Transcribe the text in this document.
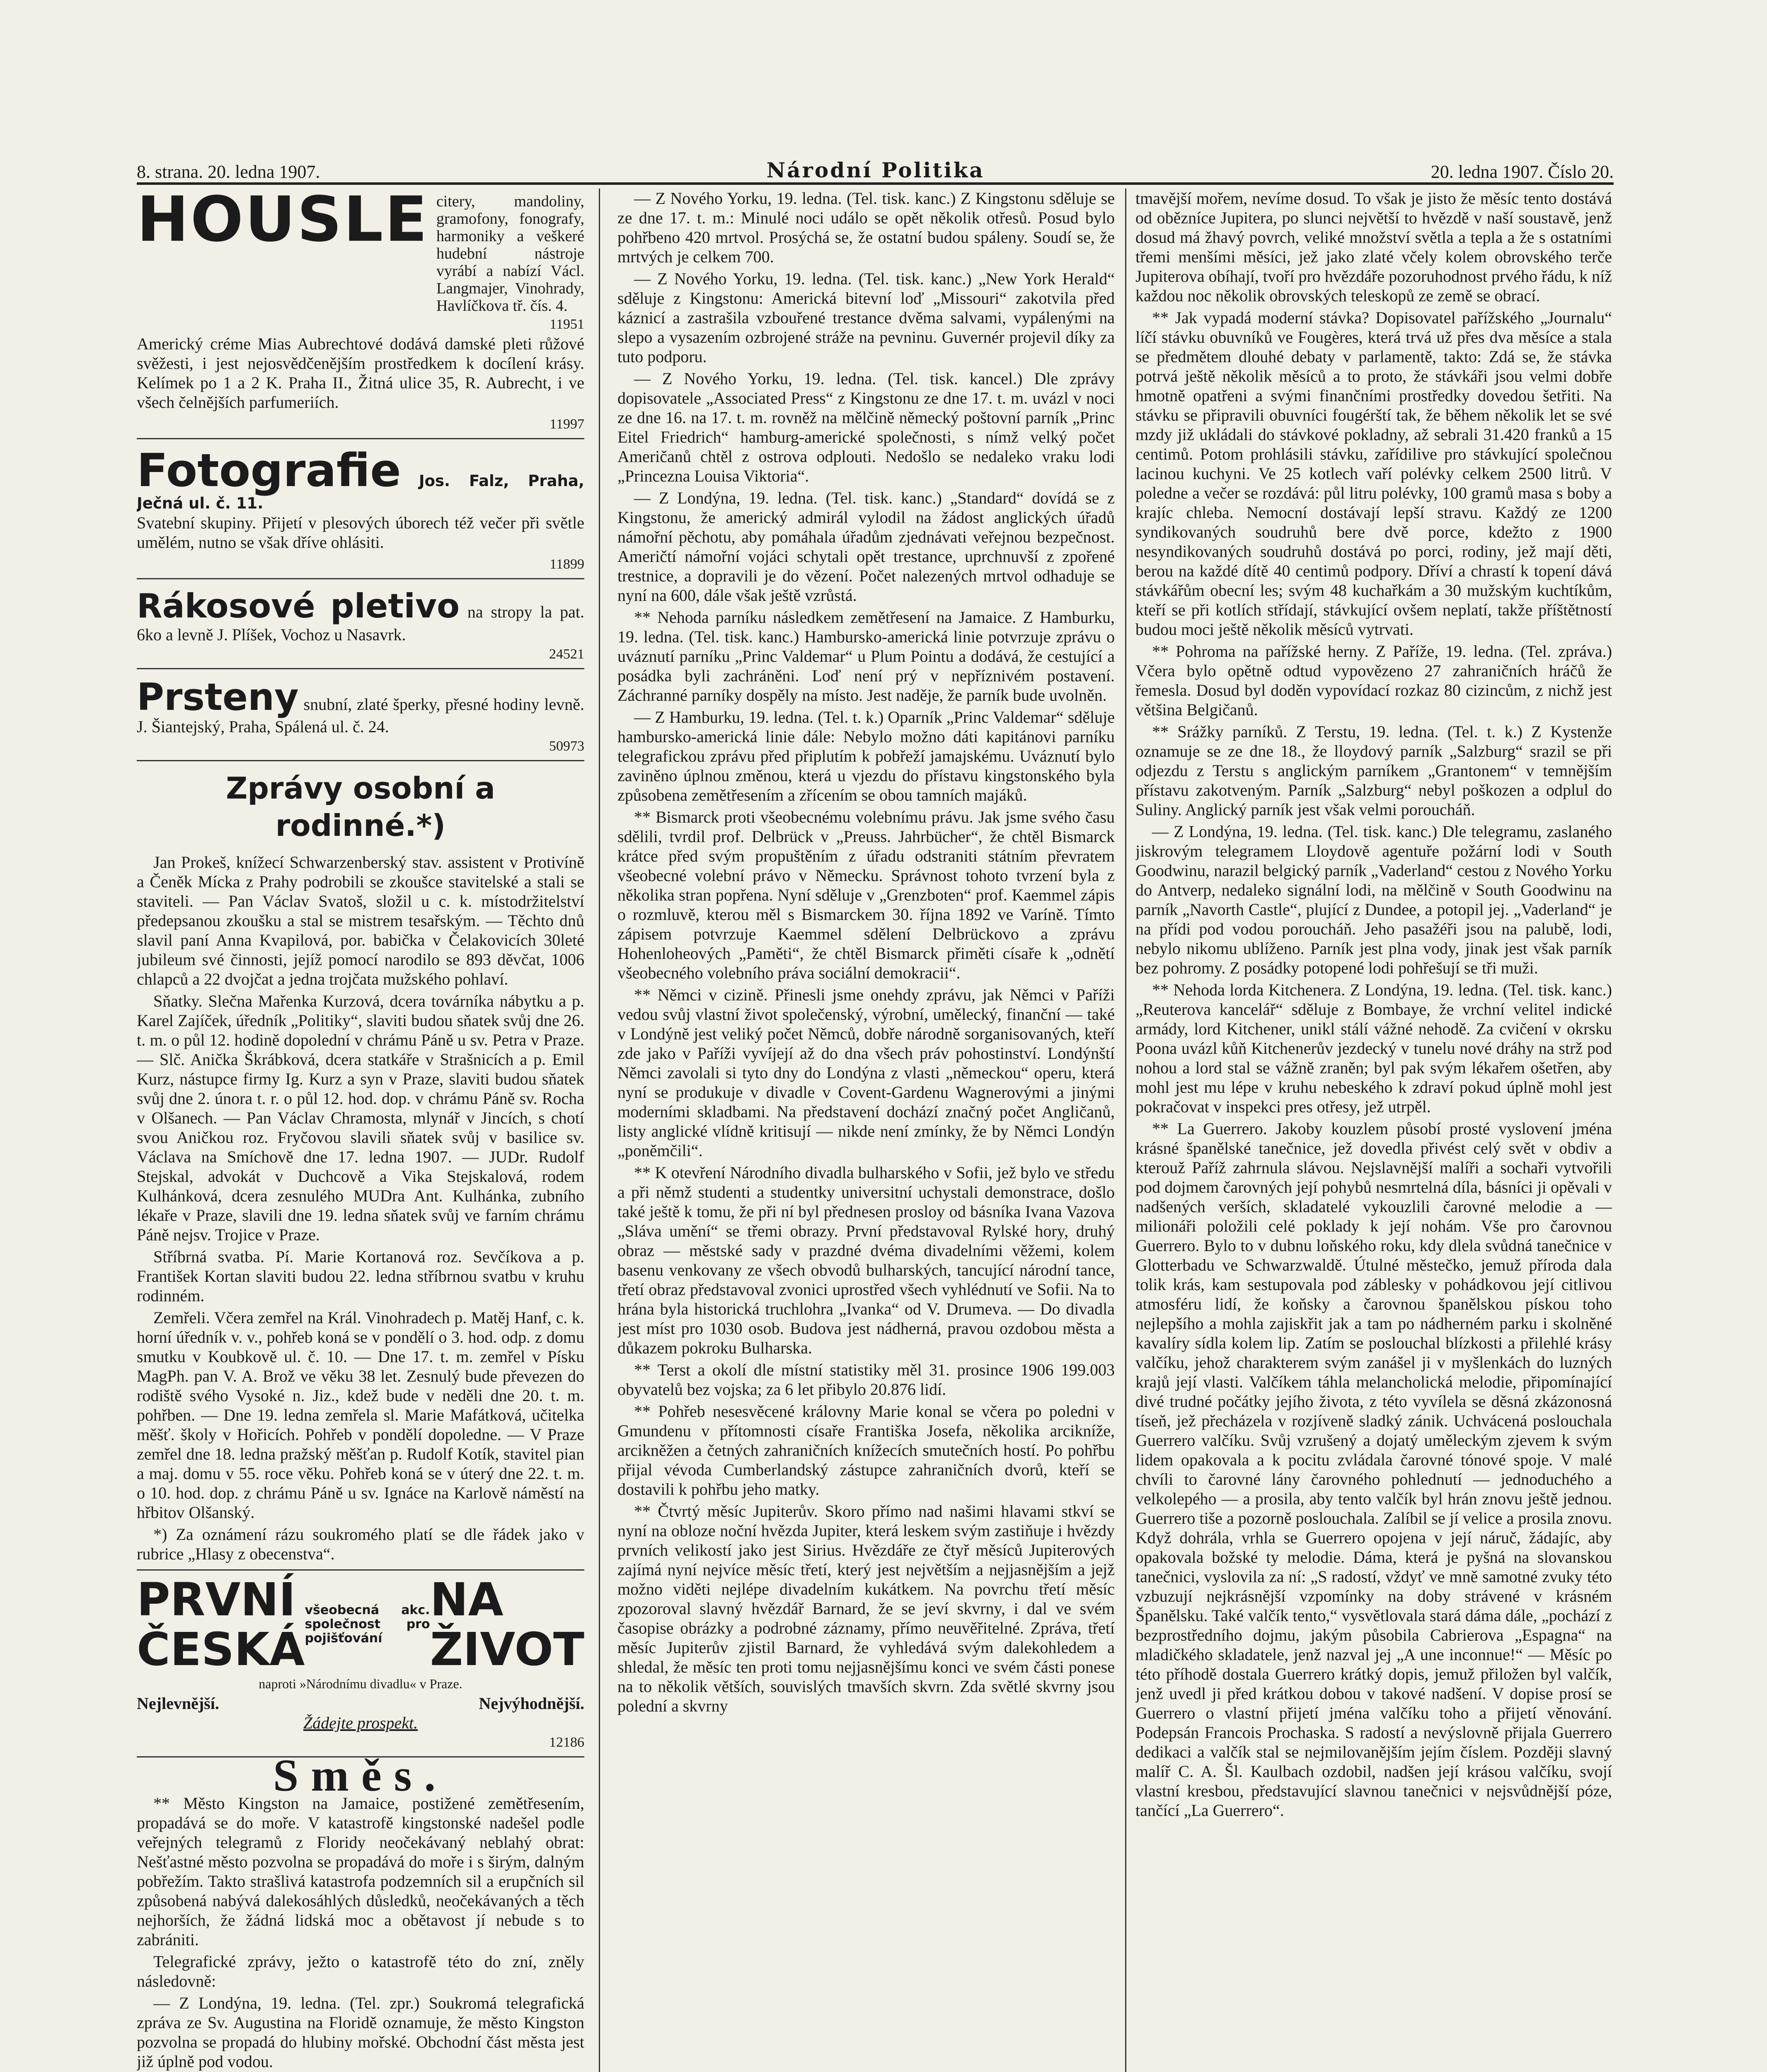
8. strana. 20. ledna 1907.	Národní Politika	20. ledna 1907. Číslo 20.
HOUSLE citery, mandoliny, gramofony, fonografy, harmoniky a veškeré hudební nástroje vyrábí a nabízí Václ. Langmajer, Vinohrady, Havlíčkova tř. čís. 4.
11951

Americký créme Mias Aubrechtové dodává damské pleti růžové svěžesti, i jest nejosvědčenějším prostředkem k docílení krásy. Kelímek po 1 a 2 K. Praha II., Žitná ulice 35, R. Aubrecht, i ve všech čelnějších parfumeriích.

11997
Fotografie Jos. Falz, Praha, Ječná ul. č. 11.

Svatební skupiny. Přijetí v plesových úborech též večer při světle umělém, nutno se však dříve ohlásiti.

11899
Rákosové pletivo na stropy la pat. 6ko a levně J. Plíšek, Vochoz u Nasavrk.
24521
Prsteny snubní, zlaté šperky, přesné hodiny levně. J. Šiantejský, Praha, Spálená ul. č. 24.
50973
Zprávy osobní a rodinné.*)

Jan Prokeš, knížecí Schwarzenberský stav. assistent v Protivíně a Čeněk Mícka z Prahy podrobili se zkoušce stavitelské a stali se staviteli. — Pan Václav Svatoš, složil u c. k. místodržitelství předepsanou zkoušku a stal se mistrem tesařským. — Těchto dnů slavil paní Anna Kvapilová, por. babička v Čelakovicích 30leté jubileum své činnosti, jejíž pomocí narodilo se 893 děvčat, 1006 chlapců a 22 dvojčat a jedna trojčata mužského pohlaví.

Sňatky. Slečna Mařenka Kurzová, dcera továrníka nábytku a p. Karel Zajíček, úředník „Politiky“, slaviti budou sňatek svůj dne 26. t. m. o půl 12. hodině dopolední v chrámu Páně u sv. Petra v Praze. — Slč. Anička Škrábková, dcera statkáře v Strašnicích a p. Emil Kurz, nástupce firmy Ig. Kurz a syn v Praze, slaviti budou sňatek svůj dne 2. února t. r. o půl 12. hod. dop. v chrámu Páně sv. Rocha v Olšanech. — Pan Václav Chramosta, mlynář v Jincích, s chotí svou Aničkou roz. Fryčovou slavili sňatek svůj v basilice sv. Václava na Smíchově dne 17. ledna 1907. — JUDr. Rudolf Stejskal, advokát v Duchcově a Vika Stejskalová, rodem Kulhánková, dcera zesnulého MUDra Ant. Kulhánka, zubního lékaře v Praze, slavili dne 19. ledna sňatek svůj ve farním chrámu Páně nejsv. Trojice v Praze.

Stříbrná svatba. Pí. Marie Kortanová roz. Sevčíkova a p. František Kortan slaviti budou 22. ledna stříbrnou svatbu v kruhu rodinném.

Zemřeli. Včera zemřel na Král. Vinohradech p. Matěj Hanf, c. k. horní úředník v. v., pohřeb koná se v pondělí o 3. hod. odp. z domu smutku v Koubkově ul. č. 10. — Dne 17. t. m. zemřel v Písku MagPh. pan V. A. Brož ve věku 38 let. Zesnulý bude převezen do rodiště svého Vysoké n. Jiz., kdež bude v neděli dne 20. t. m. pohřben. — Dne 19. ledna zemřela sl. Marie Mafátková, učitelka měšť. školy v Hořicích. Pohřeb v pondělí dopoledne. — V Praze zemřel dne 18. ledna pražský měšťan p. Rudolf Kotík, stavitel pian a maj. domu v 55. roce věku. Pohřeb koná se v úterý dne 22. t. m. o 10. hod. dop. z chrámu Páně u sv. Ignáce na Karlově náměstí na hřbitov Olšanský.

*) Za oznámení rázu soukromého platí se dle řádek jako v rubrice „Hlasy z obecenstva“.

PRVNÍ ČESKÁ
všeobecná akc. společnost pro pojišťování
NA ŽIVOT
naproti »Národnímu divadlu« v Praze.
Nejlevnější.	Nejvýhodnější.
Žádejte prospekt.
12186
Směs.

** Město Kingston na Jamaice, postižené zemětřesením, propadává se do moře. V katastrofě kingstonské nadešel podle veřejných telegramů z Floridy neočekávaný neblahý obrat: Nešťastné město pozvolna se propadává do moře i s širým, dalným pobřežím. Takto strašlivá katastrofa podzemních sil a erupčních sil způsobená nabývá dalekosáhlých důsledků, neočekávaných a těch nejhorších, že žádná lidská moc a obětavost jí nebude s to zabrániti.

Telegrafické zprávy, ježto o katastrofě této do zní, zněly následovně:

— Z Londýna, 19. ledna. (Tel. zpr.) Soukromá telegrafická zpráva ze Sv. Augustina na Floridě oznamuje, že město Kingston pozvolna se propadá do hlubiny mořské. Obchodní část města jest již úplně pod vodou.

— Z Nového Yorku, 19. ledna. (Tel. tisk. kanc.) Z Kingstonu sděluje se ze dne 17. t. m.: Minulé noci událo se opět několik otřesů. Posud bylo pohřbeno 420 mrtvol. Prosýchá se, že ostatní budou spáleny. Soudí se, že mrtvých je celkem 700.

— Z Nového Yorku, 19. ledna. (Tel. tisk. kanc.) „New York Herald“ sděluje z Kingstonu: Americká bitevní loď „Missouri“ zakotvila před káznicí a zastrašila vzbouřené trestance dvěma salvami, vypálenými na slepo a vysazením ozbrojené stráže na pevninu. Guvernér projevil díky za tuto podporu.

— Z Nového Yorku, 19. ledna. (Tel. tisk. kancel.) Dle zprávy dopisovatele „Associated Press“ z Kingstonu ze dne 17. t. m. uvázl v noci ze dne 16. na 17. t. m. rovněž na mělčině německý poštovní parník „Princ Eitel Friedrich“ hamburg-americké společnosti, s nímž velký počet Američanů chtěl z ostrova odplouti. Nedošlo se nedaleko vraku lodi „Princezna Louisa Viktoria“.

— Z Londýna, 19. ledna. (Tel. tisk. kanc.) „Standard“ dovídá se z Kingstonu, že americký admirál vylodil na žádost anglických úřadů námořní pěchotu, aby pomáhala úřadům zjednávati veřejnou bezpečnost. Američtí námořní vojáci schytali opět trestance, uprchnuvší z zpořené trestnice, a dopravili je do vězení. Počet nalezených mrtvol odhaduje se nyní na 600, dále však ještě vzrůstá.

** Nehoda parníku následkem zemětřesení na Jamaice. Z Hamburku, 19. ledna. (Tel. tisk. kanc.) Hambursko-americká linie potvrzuje zprávu o uváznutí parníku „Princ Valdemar“ u Plum Pointu a dodává, že cestující a posádka byli zachráněni. Loď není prý v nepříznivém postavení. Záchranné parníky dospěly na místo. Jest naděje, že parník bude uvolněn.

— Z Hamburku, 19. ledna. (Tel. t. k.) Oparník „Princ Valdemar“ sděluje hambursko-americká linie dále: Nebylo možno dáti kapitánovi parníku telegrafickou zprávu před připlutím k pobřeží jamajskému. Uváznutí bylo zaviněno úplnou změnou, která u vjezdu do přístavu kingstonského byla způsobena zemětřesením a zřícením se obou tamních majáků.

** Bismarck proti všeobecnému volebnímu právu. Jak jsme svého času sdělili, tvrdil prof. Delbrück v „Preuss. Jahrbücher“, že chtěl Bismarck krátce před svým propuštěním z úřadu odstraniti státním převratem všeobecné volební právo v Německu. Správnost tohoto tvrzení byla z několika stran popřena. Nyní sděluje v „Grenzboten“ prof. Kaemmel zápis o rozmluvě, kterou měl s Bismarckem 30. října 1892 ve Varíně. Tímto zápisem potvrzuje Kaemmel sdělení Delbrückovo a zprávu Hohenloheových „Paměti“, že chtěl Bismarck přiměti císaře k „odnětí všeobecného volebního práva sociální demokracii“.

** Němci v cizině. Přinesli jsme onehdy zprávu, jak Němci v Paříži vedou svůj vlastní život společenský, výrobní, umělecký, finanční — také v Londýně jest veliký počet Němců, dobře národně sorganisovaných, kteří zde jako v Paříži vyvíjejí až do dna všech práv pohostinství. Londýnští Němci zavolali si tyto dny do Londýna z vlasti „německou“ operu, která nyní se produkuje v divadle v Covent-Gardenu Wagnerovými a jinými moderními skladbami. Na představení dochází značný počet Angličanů, listy anglické vlídně kritisují — nikde není zmínky, že by Němci Londýn „poněmčili“.

** K otevření Národního divadla bulharského v Sofii, jež bylo ve středu a při němž studenti a studentky universitní uchystali demonstrace, došlo také ještě k tomu, že při ní byl přednesen prosloy od básníka Ivana Vazova „Sláva umění“ se třemi obrazy. První představoval Rylské hory, druhý obraz — městské sady v prazdné dvéma divadelními věžemi, kolem basenu venkovany ze všech obvodů bulharských, tancující národní tance, třetí obraz představoval zvonici uprostřed všech vyhlédnutí ve Sofii. Na to hrána byla historická truchlohra „Ivanka“ od V. Drumeva. — Do divadla jest míst pro 1030 osob. Budova jest nádherná, pravou ozdobou města a důkazem pokroku Bulharska.

** Terst a okolí dle místní statistiky měl 31. prosince 1906 199.003 obyvatelů bez vojska; za 6 let přibylo 20.876 lidí.

** Pohřeb nesesvěcené královny Marie konal se včera po poledni v Gmundenu v přítomnosti císaře Františka Josefa, několika arcikníže, arcikněžen a četných zahraničních knížecích smutečních hostí. Po pohřbu přijal vévoda Cumberlandský zástupce zahraničních dvorů, kteří se dostavili k pohřbu jeho matky.

** Čtvrtý měsíc Jupiterův. Skoro přímo nad našimi hlavami stkví se nyní na obloze noční hvězda Jupiter, která leskem svým zastiňuje i hvězdy prvních velikostí jako jest Sirius. Hvězdáře ze čtyř měsíců Jupiterových zajímá nyní nejvíce měsíc třetí, který jest největším a nejjasnějším a jejž možno viděti nejlépe divadelním kukátkem. Na povrchu třetí měsíc zpozoroval slavný hvězdář Barnard, že se jeví skvrny, i dal ve svém časopise obrázky a podrobné záznamy, přímo neuvěřitelné. Zpráva, třetí měsíc Jupiterův zjistil Barnard, že vyhledává svým dalekohledem a shledal, že měsíc ten proti tomu nejjasnějšímu konci ve svém části ponese na to několik větších, souvislých tmavších skvrn. Zda světlé skvrny jsou polední a skvrny

tmavější mořem, nevíme dosud. To však je jisto že měsíc tento dostává od obězníce Jupitera, po slunci největší to hvězdě v naší soustavě, jenž dosud má žhavý povrch, veliké množství světla a tepla a že s ostatními třemi menšími měsíci, jež jako zlaté včely kolem obrovského terče Jupiterova obíhají, tvoří pro hvězdáře pozoruhodnost prvého řádu, k níž každou noc několik obrovských teleskopů ze země se obrací.

** Jak vypadá moderní stávka? Dopisovatel pařížského „Journalu“ líčí stávku obuvníků ve Fougères, která trvá už přes dva měsíce a stala se předmětem dlouhé debaty v parlamentě, takto: Zdá se, že stávka potrvá ještě několik měsíců a to proto, že stávkáři jsou velmi dobře hmotně opatřeni a svými finančními prostředky dovedou šetřiti. Na stávku se připravili obuvníci fougérští tak, že během několik let se své mzdy již ukládali do stávkové pokladny, až sebrali 31.420 franků a 15 centimů. Potom prohlásili stávku, zařídilive pro stávkující společnou lacinou kuchyni. Ve 25 kotlech vaří polévky celkem 2500 litrů. V poledne a večer se rozdává: půl litru polévky, 100 gramů masa s boby a krajíc chleba. Nemocní dostávají lepší stravu. Každý ze 1200 syndikovaných soudruhů bere dvě porce, kdežto z 1900 nesyndikovaných soudruhů dostává po porci, rodiny, jež mají děti, berou na každé dítě 40 centimů podpory. Dříví a chrastí k topení dává stávkářům obecní les; svým 48 kuchařkám a 30 mužským kuchtíkům, kteří se při kotlích střídají, stávkující ovšem neplatí, takže příštětností budou moci ještě několik měsíců vytrvati.

** Pohroma na pařížské herny. Z Paříže, 19. ledna. (Tel. zpráva.) Včera bylo opětně odtud vypovězeno 27 zahraničních hráčů že řemesla. Dosud byl doděn vypovídací rozkaz 80 cizincům, z nichž jest většina Belgičanů.

** Srážky parníků. Z Terstu, 19. ledna. (Tel. t. k.) Z Kystenže oznamuje se ze dne 18., že lloydový parník „Salzburg“ srazil se při odjezdu z Terstu s anglickým parníkem „Grantonem“ v temnějším přístavu zakotveným. Parník „Salzburg“ nebyl poškozen a odplul do Suliny. Anglický parník jest však velmi poroucháň.

— Z Londýna, 19. ledna. (Tel. tisk. kanc.) Dle telegramu, zaslaného jiskrovým telegramem Lloydově agentuře požární lodi v South Goodwinu, narazil belgický parník „Vaderland“ cestou z Nového Yorku do Antverp, nedaleko signální lodi, na mělčině v South Goodwinu na parník „Navorth Castle“, plující z Dundee, a potopil jej. „Vaderland“ je na přídi pod vodou poroucháň. Jeho pasažéři jsou na palubě, lodi, nebylo nikomu ublíženo. Parník jest plna vody, jinak jest však parník bez pohromy. Z posádky potopené lodi pohřešují se tři muži.

** Nehoda lorda Kitchenera. Z Londýna, 19. ledna. (Tel. tisk. kanc.) „Reuterova kancelář“ sděluje z Bombaye, že vrchní velitel indické armády, lord Kitchener, unikl stálí vážné nehodě. Za cvičení v okrsku Poona uvázl kůň Kitchenerův jezdecký v tunelu nové dráhy na strž pod nohou a lord stal se vážně zraněn; byl pak svým lékařem ošetřen, aby mohl jest mu lépe v kruhu nebeského k zdraví pokud úplně mohl jest pokračovat v inspekci pres otřesy, jež utrpěl.

** La Guerrero. Jakoby kouzlem působí prosté vyslovení jména krásné španělské tanečnice, jež dovedla přivést celý svět v obdiv a kterouž Paříž zahrnula slávou. Nejslavnější malíři a sochaři vytvořili pod dojmem čarovných její pohybů nesmrtelná díla, básníci ji opěvali v nadšených verších, skladatelé vykouzlili čarovné melodie a — milionáři položili celé poklady k její nohám. Vše pro čarovnou Guerrero. Bylo to v dubnu loňského roku, kdy dlela svůdná tanečnice v Glotterbadu ve Schwarzwaldě. Útulné městečko, jemuž příroda dala tolik krás, kam sestupovala pod záblesky v pohádkovou její citlivou atmosféru lidí, že koňsky a čarovnou španělskou pískou toho nejlepšího a mohla zajiskřit jak a tam po nádherném parku i skolněné kavalíry sídla kolem lip. Zatím se poslouchal blízkosti a přilehlé krásy valčíku, jehož charakterem svým zanášel ji v myšlenkách do luzných krajů její vlasti. Valčíkem táhla melancholická melodie, připomínající divé trudné počátky jejího života, z této vyvílela se děsná zkázonosná tíseň, jež přecházela v rozjíveně sladký zánik. Uchvácená poslouchala Guerrero valčíku. Svůj vzrušený a dojatý uměleckým zjevem k svým lidem opakovala a k pocitu zvládala čarovné tónové spoje. V malé chvíli to čarovné lány čarovného pohlednutí — jednoduchého a velkolepého — a prosila, aby tento valčík byl hrán znovu ještě jednou. Guerrero tiše a pozorně poslouchala. Zalíbil se jí velice a prosila znovu. Když dohrála, vrhla se Guerrero opojena v její náruč, žádajíc, aby opakovala božské ty melodie. Dáma, která je pyšná na slovanskou tanečnici, vyslovila za ní: „S radostí, vždyť ve mně samotné zvuky této vzbuzují nejkrásnější vzpomínky na doby strávené v krásném Španělsku. Také valčík tento,“ vysvětlovala stará dáma dále, „pochází z bezprostředního dojmu, jakým působila Cabrierova „Espagna“ na mladičkého skladatele, jenž nazval jej „A une inconnue!“ — Měsíc po této příhodě dostala Guerrero krátký dopis, jemuž přiložen byl valčík, jenž uvedl ji před krátkou dobou v takové nadšení. V dopise prosí se Guerrero o vlastní přijetí jména valčíku toho a přijetí věnování. Podepsán Francois Prochaska. S radostí a nevýslovně přijala Guerrero dedikaci a valčík stal se nejmilovanějším jejím číslem. Později slavný malíř C. A. Šl. Kaulbach ozdobil, nadšen její krásou valčíku, svojí vlastní kresbou, představující slavnou tanečnici v nejsvůdnější póze, tančící „La Guerrero“.
